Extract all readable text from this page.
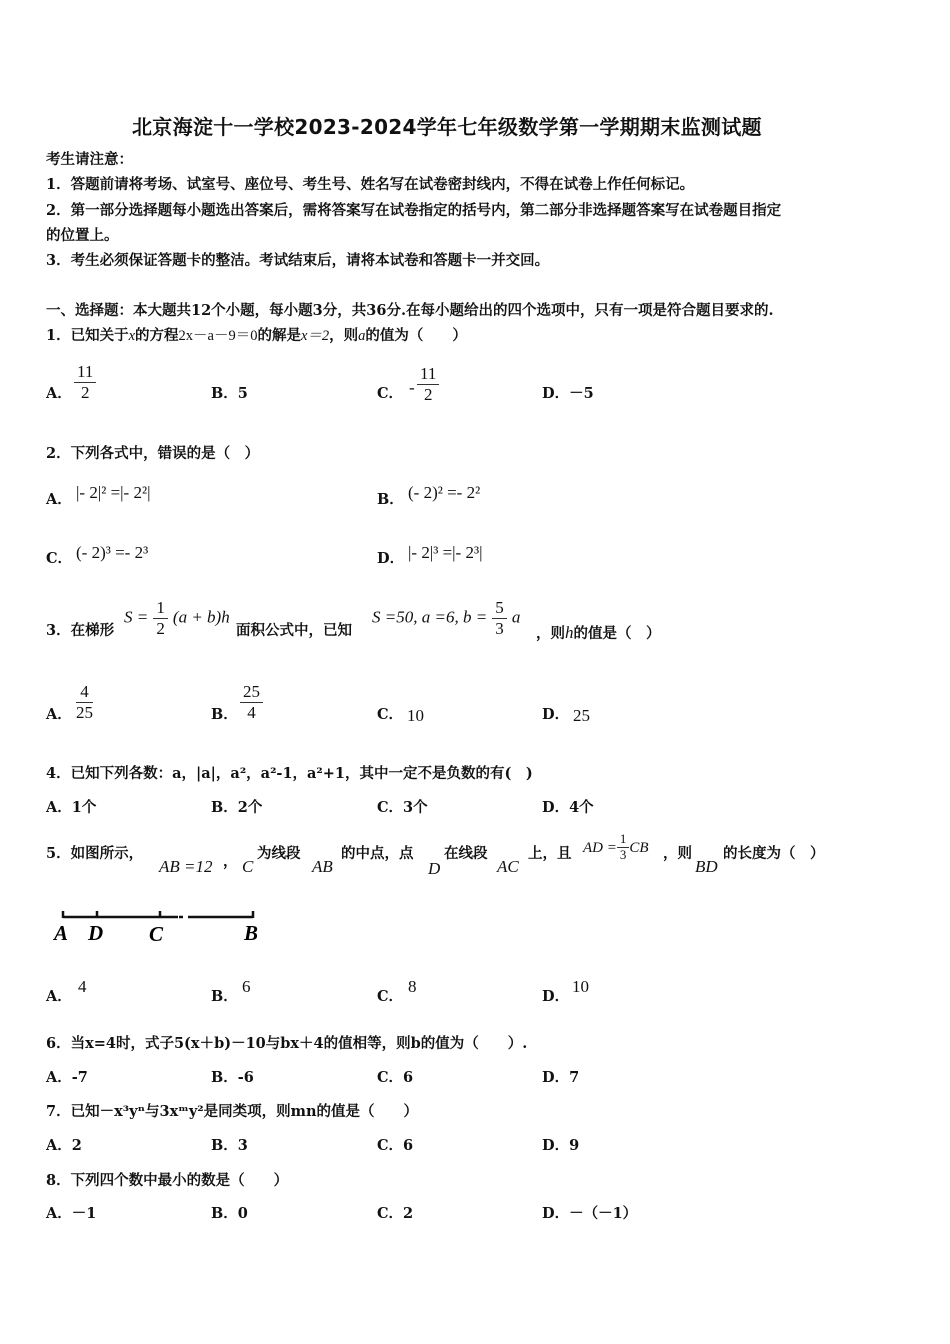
北京海淀十一学校2023-2024学年七年级数学第一学期期末监测试题
考生请注意：
1．答题前请将考场、试室号、座位号、考生号、姓名写在试卷密封线内，不得在试卷上作任何标记。
2．第一部分选择题每小题选出答案后，需将答案写在试卷指定的括号内，第二部分非选择题答案写在试卷题目指定
的位置上。
3．考生必须保证答题卡的整洁。考试结束后，请将本试卷和答题卡一并交回。
一、选择题：本大题共12个小题，每小题3分，共36分.在每小题给出的四个选项中，只有一项是符合题目要求的.
1．已知关于x的方程2x－a－9＝0的解是x＝2，则a的值为（　　）
A． $\frac{11}{2}$	B．5	C． - $\frac{11}{2}$	D．－5
2．下列各式中，错误的是（　）
A． |- 2|² =|- 2²|	B． (- 2)² =- 2²
C． (- 2)³ =- 2³	D． |- 2|³ =|- 2³|
3．在梯形
$S = \frac{1}{2} (a + b)h$
面积公式中，已知
S =50, a =6, $b = \frac{5}{3}$ a
，则h的值是（　）
A． $\frac{4}{25}$	B． $\frac{25}{4}$	C． 10	D． 25
4．已知下列各数：a，|a|，a²，a²-1，a²+1，其中一定不是负数的有(　)
A．1个	B．2个	C．3个	D．4个
5．如图所示，
AB =12 ， C
为线段
AB
的中点，点
D
在线段
AC
上，且 AD = $\frac{1}{3}$ CB ，则
BD
的长度为（　）
A D C	B
A．
4
B．
6
C．
8
D．
10
6．当x=4时，式子5(x＋b)－10与bx＋4的值相等，则b的值为（　　）.
A．-7	B．-6	C．6	D．7
7．已知－x³yⁿ与3xᵐy²是同类项，则mn的值是（　　）
A．2	B．3	C．6	D．9
8．下列四个数中最小的数是（　　）
A．－1	B．0	C．2	D．－（－1）
